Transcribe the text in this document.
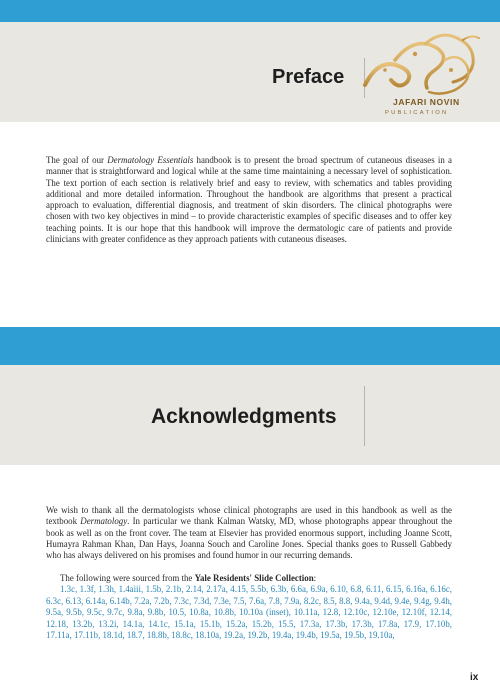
Preface
JAFARI NOVIN
PUBLICATION

The goal of our Dermatology Essentials handbook is to present the broad spectrum of cutaneous diseases in a manner that is straightforward and logical while at the same time maintaining a necessary level of sophistication. The text portion of each section is relatively brief and easy to review, with schematics and tables providing additional and more detailed information. Throughout the handbook are algorithms that present a practical approach to evaluation, differential diagnosis, and treatment of skin disorders. The clinical photographs were chosen with two key objectives in mind – to provide characteristic examples of specific diseases and to offer key teaching points. It is our hope that this handbook will improve the dermatologic care of patients and provide clinicians with greater confidence as they approach patients with cutaneous diseases.

Acknowledgments

We wish to thank all the dermatologists whose clinical photographs are used in this handbook as well as the textbook Dermatology. In particular we thank Kalman Watsky, MD, whose photographs appear throughout the book as well as on the front cover. The team at Elsevier has provided enormous support, including Joanne Scott, Humayra Rahman Khan, Dan Hays, Joanna Souch and Caroline Jones. Special thanks goes to Russell Gabbedy who has always delivered on his promises and found humor in our recurring demands.

The following were sourced from the Yale Residents' Slide Collection:

1.3c, 1.3f, 1.3h, 1.4aiii, 1.5b, 2.1b, 2.14, 2.17a, 4.15, 5.5b, 6.3b, 6.6a, 6.9a, 6.10, 6.8, 6.11, 6.15, 6.16a, 6.16c, 6.3c, 6.13, 6.14a, 6.14b, 7.2a, 7.2b, 7.3c, 7.3d, 7.3e, 7.5, 7.6a, 7.8, 7.9a, 8.2c, 8.5, 8.8, 9.4a, 9.4d, 9.4e, 9.4g, 9.4h, 9.5a, 9.5b, 9.5c, 9.7c, 9.8a, 9.8b, 10.5, 10.8a, 10.8b, 10.10a (inset), 10.11a, 12.8, 12.10c, 12.10e, 12.10f, 12.14, 12.18, 13.2b, 13.2i, 14.1a, 14.1c, 15.1a, 15.1b, 15.2a, 15.2b, 15.5, 17.3a, 17.3b, 17.3b, 17.8a, 17.9, 17.10b, 17.11a, 17.11b, 18.1d, 18.7, 18.8b, 18.8c, 18.10a, 19.2a, 19.2b, 19.4a, 19.4b, 19.5a, 19.5b, 19.10a,

ix
